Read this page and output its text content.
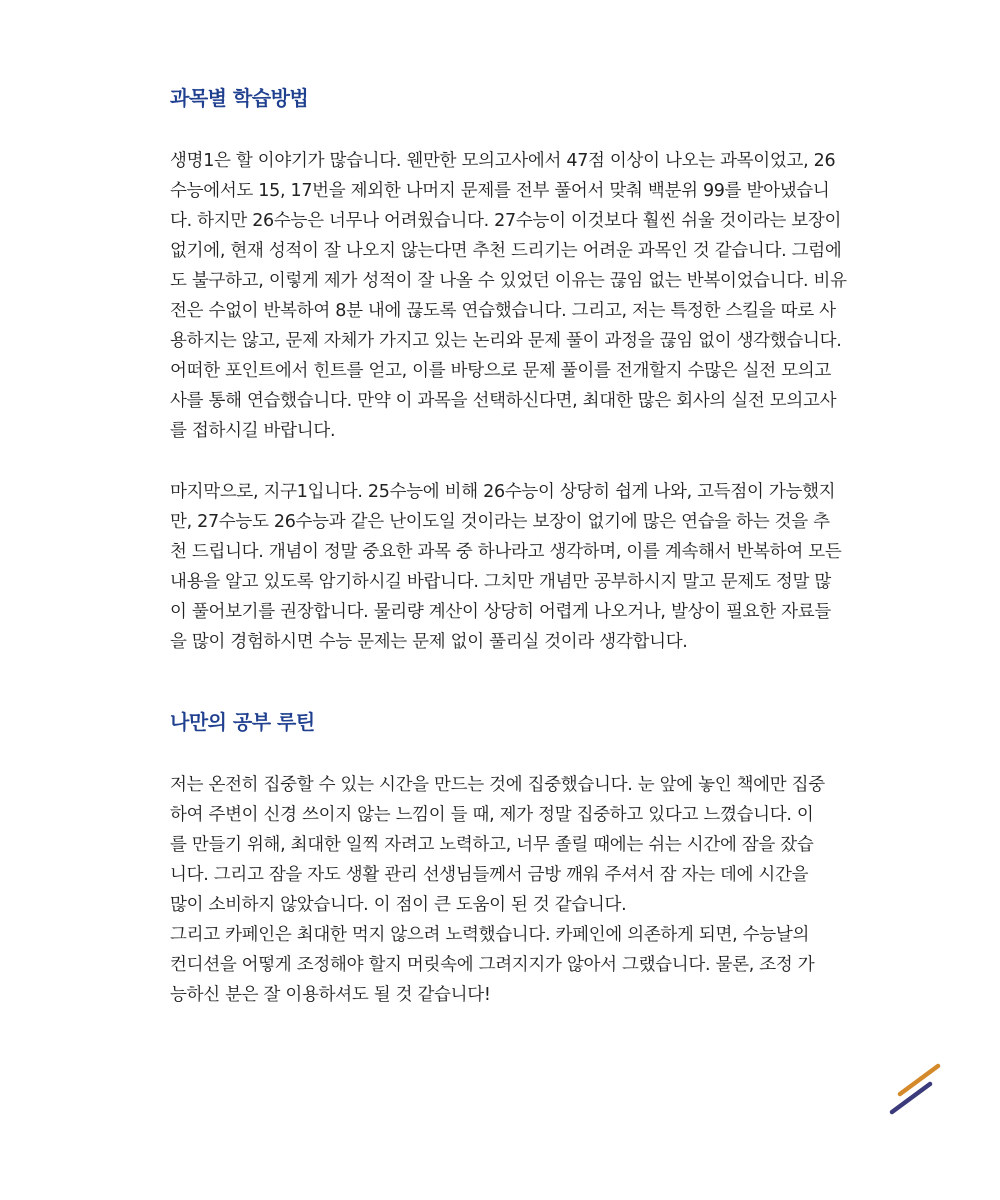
과목별 학습방법
생명1은 할 이야기가 많습니다. 웬만한 모의고사에서 47점 이상이 나오는 과목이었고, 26
수능에서도 15, 17번을 제외한 나머지 문제를 전부 풀어서 맞춰 백분위 99를 받아냈습니
다. 하지만 26수능은 너무나 어려웠습니다. 27수능이 이것보다 훨씬 쉬울 것이라는 보장이
없기에, 현재 성적이 잘 나오지 않는다면 추천 드리기는 어려운 과목인 것 같습니다. 그럼에
도 불구하고, 이렇게 제가 성적이 잘 나올 수 있었던 이유는 끊임 없는 반복이었습니다. 비유
전은 수없이 반복하여 8분 내에 끊도록 연습했습니다. 그리고, 저는 특정한 스킬을 따로 사
용하지는 않고, 문제 자체가 가지고 있는 논리와 문제 풀이 과정을 끊임 없이 생각했습니다.
어떠한 포인트에서 힌트를 얻고, 이를 바탕으로 문제 풀이를 전개할지 수많은 실전 모의고
사를 통해 연습했습니다. 만약 이 과목을 선택하신다면, 최대한 많은 회사의 실전 모의고사
를 접하시길 바랍니다.
마지막으로, 지구1입니다. 25수능에 비해 26수능이 상당히 쉽게 나와, 고득점이 가능했지
만, 27수능도 26수능과 같은 난이도일 것이라는 보장이 없기에 많은 연습을 하는 것을 추
천 드립니다. 개념이 정말 중요한 과목 중 하나라고 생각하며, 이를 계속해서 반복하여 모든
내용을 알고 있도록 암기하시길 바랍니다. 그치만 개념만 공부하시지 말고 문제도 정말 많
이 풀어보기를 권장합니다. 물리량 계산이 상당히 어렵게 나오거나, 발상이 필요한 자료들
을 많이 경험하시면 수능 문제는 문제 없이 풀리실 것이라 생각합니다.
나만의 공부 루틴
저는 온전히 집중할 수 있는 시간을 만드는 것에 집중했습니다. 눈 앞에 놓인 책에만 집중
하여 주변이 신경 쓰이지 않는 느낌이 들 때, 제가 정말 집중하고 있다고 느꼈습니다. 이
를 만들기 위해, 최대한 일찍 자려고 노력하고, 너무 졸릴 때에는 쉬는 시간에 잠을 잤습
니다. 그리고 잠을 자도 생활 관리 선생님들께서 금방 깨워 주셔서 잠 자는 데에 시간을
많이 소비하지 않았습니다. 이 점이 큰 도움이 된 것 같습니다.
그리고 카페인은 최대한 먹지 않으려 노력했습니다. 카페인에 의존하게 되면, 수능날의
컨디션을 어떻게 조정해야 할지 머릿속에 그려지지가 않아서 그랬습니다. 물론, 조정 가
능하신 분은 잘 이용하셔도 될 것 같습니다!
